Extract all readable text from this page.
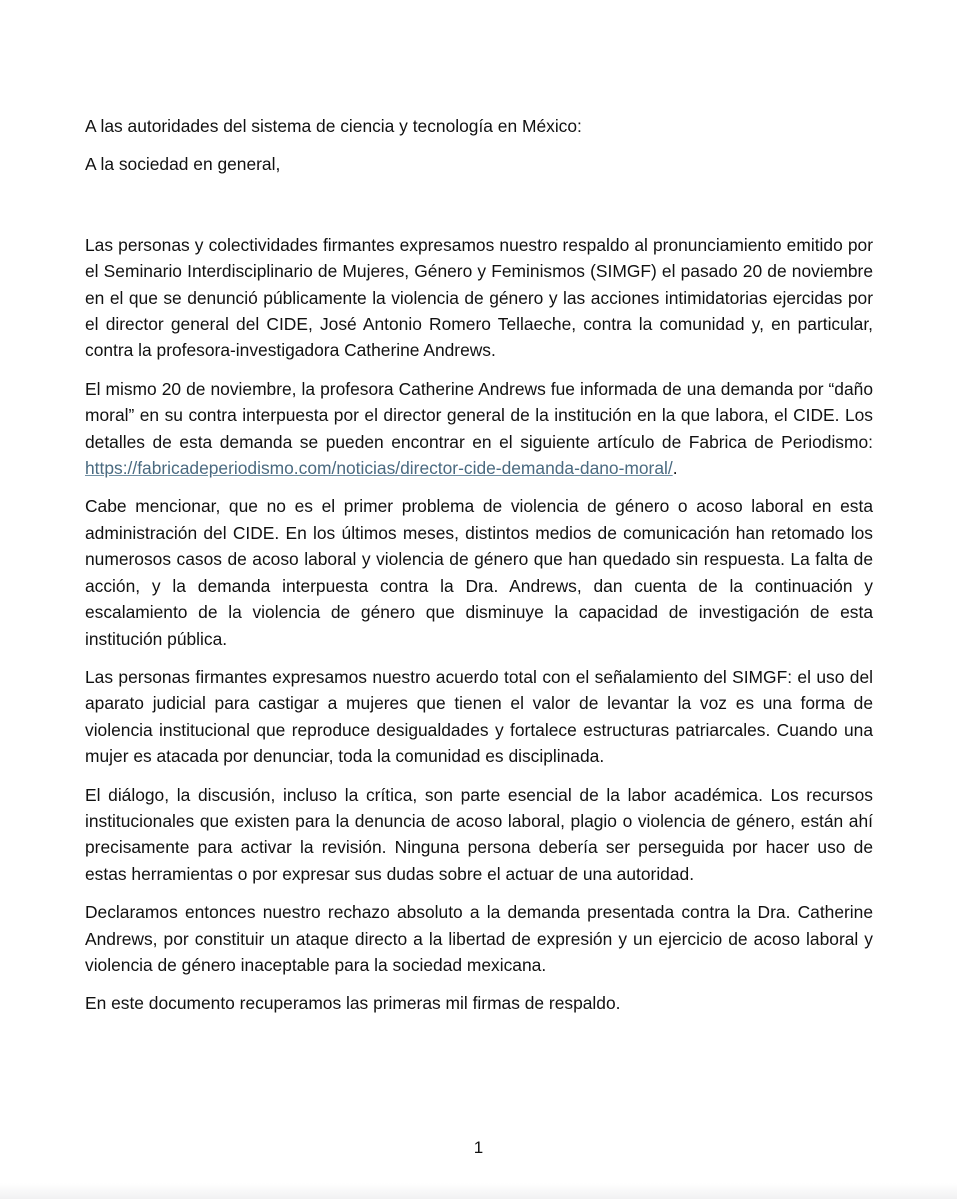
A las autoridades del sistema de ciencia y tecnología en México:

A la sociedad en general,

Las personas y colectividades firmantes expresamos nuestro respaldo al pronunciamiento emitido por el Seminario Interdisciplinario de Mujeres, Género y Feminismos (SIMGF) el pasado 20 de noviembre en el que se denunció públicamente la violencia de género y las acciones intimidatorias ejercidas por el director general del CIDE, José Antonio Romero Tellaeche, contra la comunidad y, en particular, contra la profesora-investigadora Catherine Andrews.

El mismo 20 de noviembre, la profesora Catherine Andrews fue informada de una demanda por “daño moral” en su contra interpuesta por el director general de la institución en la que labora, el CIDE. Los detalles de esta demanda se pueden encontrar en el siguiente artículo de Fabrica de Periodismo: https://fabricadeperiodismo.com/noticias/director-cide-demanda-dano-moral/.

Cabe mencionar, que no es el primer problema de violencia de género o acoso laboral en esta administración del CIDE. En los últimos meses, distintos medios de comunicación han retomado los numerosos casos de acoso laboral y violencia de género que han quedado sin respuesta. La falta de acción, y la demanda interpuesta contra la Dra. Andrews, dan cuenta de la continuación y escalamiento de la violencia de género que disminuye la capacidad de investigación de esta institución pública.

Las personas firmantes expresamos nuestro acuerdo total con el señalamiento del SIMGF: el uso del aparato judicial para castigar a mujeres que tienen el valor de levantar la voz es una forma de violencia institucional que reproduce desigualdades y fortalece estructuras patriarcales. Cuando una mujer es atacada por denunciar, toda la comunidad es disciplinada.

El diálogo, la discusión, incluso la crítica, son parte esencial de la labor académica. Los recursos institucionales que existen para la denuncia de acoso laboral, plagio o violencia de género, están ahí precisamente para activar la revisión. Ninguna persona debería ser perseguida por hacer uso de estas herramientas o por expresar sus dudas sobre el actuar de una autoridad.

Declaramos entonces nuestro rechazo absoluto a la demanda presentada contra la Dra. Catherine Andrews, por constituir un ataque directo a la libertad de expresión y un ejercicio de acoso laboral y violencia de género inaceptable para la sociedad mexicana.

En este documento recuperamos las primeras mil firmas de respaldo.

1
